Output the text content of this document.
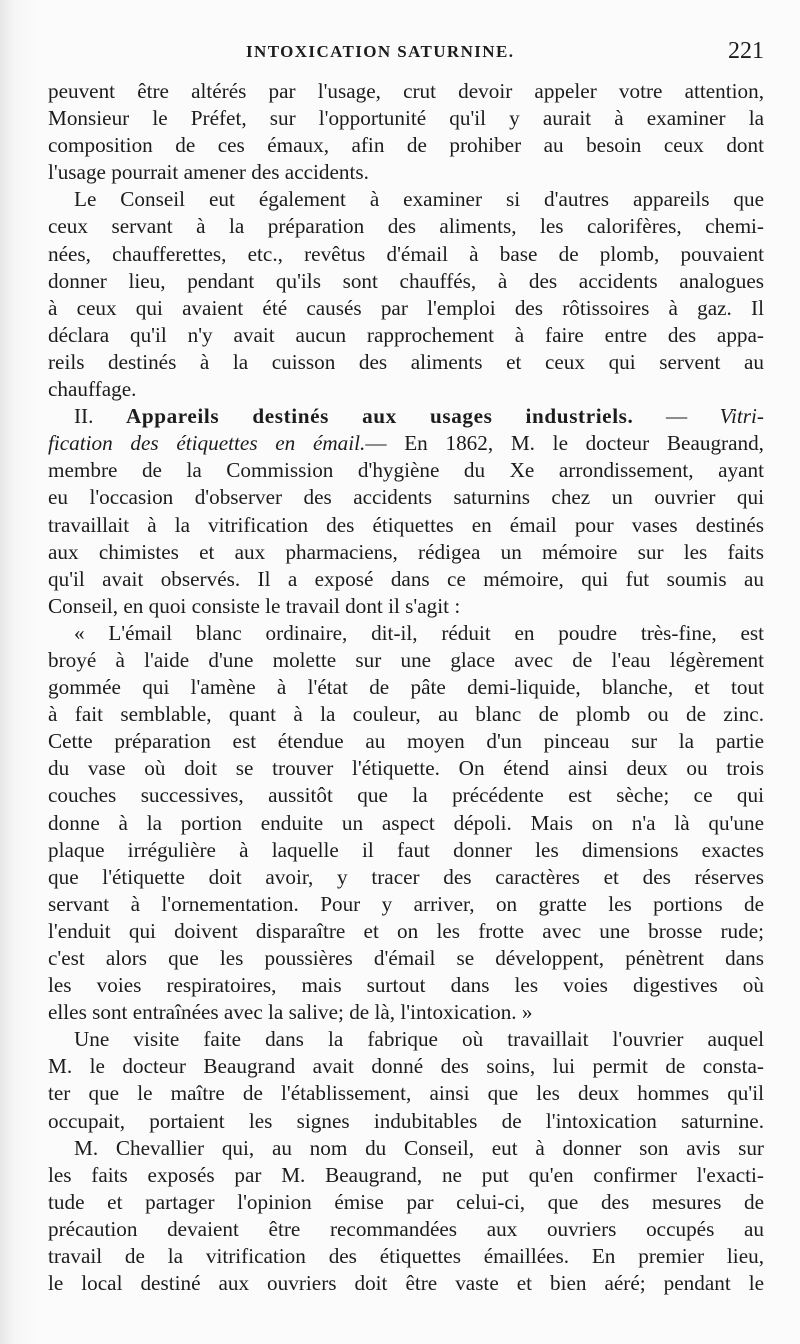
INTOXICATION SATURNINE.	221
peuvent être altérés par l'usage, crut devoir appeler votre attention,
Monsieur le Préfet, sur l'opportunité qu'il y aurait à examiner la
composition de ces émaux, afin de prohiber au besoin ceux dont
l'usage pourrait amener des accidents.
Le Conseil eut également à examiner si d'autres appareils que
ceux servant à la préparation des aliments, les calorifères, chemi-
nées, chaufferettes, etc., revêtus d'émail à base de plomb, pouvaient
donner lieu, pendant qu'ils sont chauffés, à des accidents analogues
à ceux qui avaient été causés par l'emploi des rôtissoires à gaz. Il
déclara qu'il n'y avait aucun rapprochement à faire entre des appa-
reils destinés à la cuisson des aliments et ceux qui servent au
chauffage.
II. Appareils destinés aux usages industriels. — Vitri-
fication des étiquettes en émail.— En 1862, M. le docteur Beaugrand,
membre de la Commission d'hygiène du Xe arrondissement, ayant
eu l'occasion d'observer des accidents saturnins chez un ouvrier qui
travaillait à la vitrification des étiquettes en émail pour vases destinés
aux chimistes et aux pharmaciens, rédigea un mémoire sur les faits
qu'il avait observés. Il a exposé dans ce mémoire, qui fut soumis au
Conseil, en quoi consiste le travail dont il s'agit :
« L'émail blanc ordinaire, dit-il, réduit en poudre très-fine, est
broyé à l'aide d'une molette sur une glace avec de l'eau légèrement
gommée qui l'amène à l'état de pâte demi-liquide, blanche, et tout
à fait semblable, quant à la couleur, au blanc de plomb ou de zinc.
Cette préparation est étendue au moyen d'un pinceau sur la partie
du vase où doit se trouver l'étiquette. On étend ainsi deux ou trois
couches successives, aussitôt que la précédente est sèche; ce qui
donne à la portion enduite un aspect dépoli. Mais on n'a là qu'une
plaque irrégulière à laquelle il faut donner les dimensions exactes
que l'étiquette doit avoir, y tracer des caractères et des réserves
servant à l'ornementation. Pour y arriver, on gratte les portions de
l'enduit qui doivent disparaître et on les frotte avec une brosse rude;
c'est alors que les poussières d'émail se développent, pénètrent dans
les voies respiratoires, mais surtout dans les voies digestives où
elles sont entraînées avec la salive; de là, l'intoxication. »
Une visite faite dans la fabrique où travaillait l'ouvrier auquel
M. le docteur Beaugrand avait donné des soins, lui permit de consta-
ter que le maître de l'établissement, ainsi que les deux hommes qu'il
occupait, portaient les signes indubitables de l'intoxication saturnine.
M. Chevallier qui, au nom du Conseil, eut à donner son avis sur
les faits exposés par M. Beaugrand, ne put qu'en confirmer l'exacti-
tude et partager l'opinion émise par celui-ci, que des mesures de
précaution devaient être recommandées aux ouvriers occupés au
travail de la vitrification des étiquettes émaillées. En premier lieu,
le local destiné aux ouvriers doit être vaste et bien aéré; pendant le
